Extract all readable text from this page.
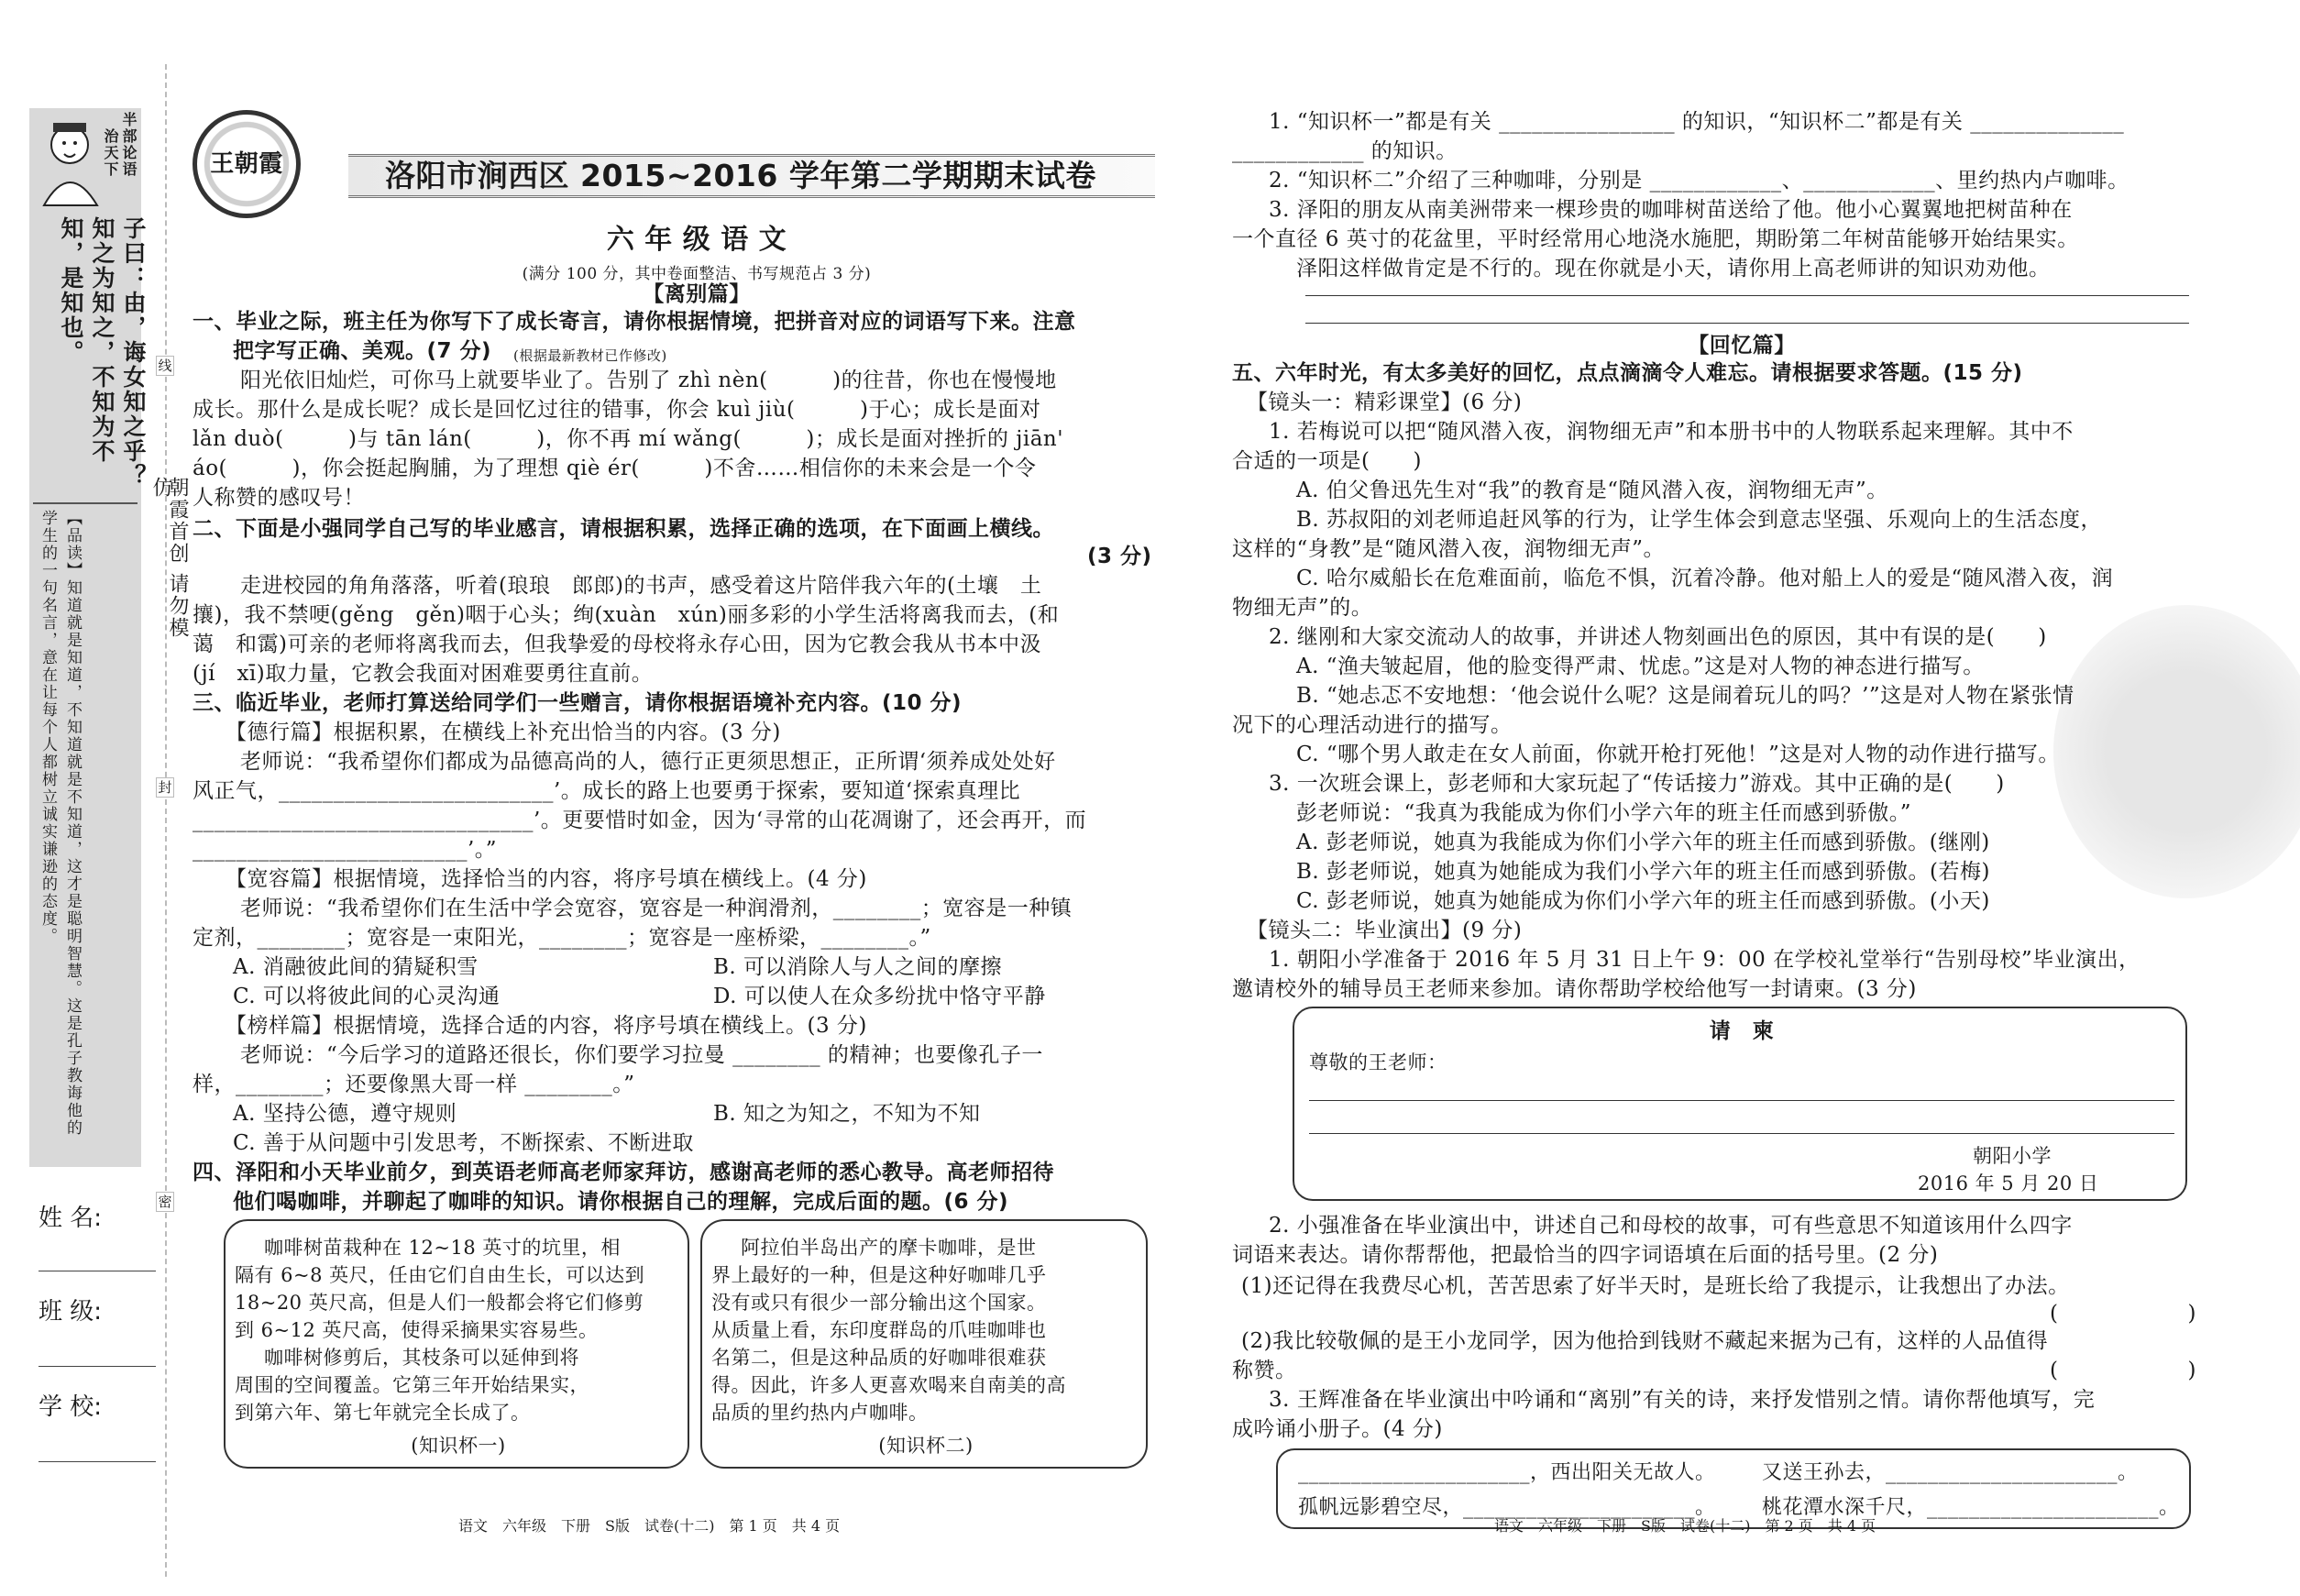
半部论语
治天下
子曰：由，诲女知之乎？知之为知之，不知为不知，是知也。
【品读】知道就是知道，不知道就是不知道，这才是聪明智慧。这是孔子教诲他的学生的一句名言，意在让每个人都树立诚实谦逊的态度。	朝霞首创 请勿模仿
线
封
密
姓 名:
班 级:
学 校:
王朝霞	洛阳市涧西区 2015~2016 学年第二学期期末试卷
六 年 级 语 文
(满分 100 分，其中卷面整洁、书写规范占 3 分)
【离别篇】
一、毕业之际，班主任为你写下了成长寄言，请你根据情境，把拼音对应的词语写下来。注意
把字写正确、美观。(7 分) (根据最新教材已作修改)
阳光依旧灿烂，可你马上就要毕业了。告别了 zhì nèn(　　　)的往昔，你也在慢慢地
成长。那什么是成长呢？成长是回忆过往的错事，你会 kuì jiù(　　　)于心；成长是面对
lǎn duò(　　　)与 tān lán(　　　)，你不再 mí wǎng(　　　)；成长是面对挫折的 jiān'
áo(　　　)，你会挺起胸脯，为了理想 qiè ér(　　　)不舍……相信你的未来会是一个令
人称赞的感叹号！
二、下面是小强同学自己写的毕业感言，请根据积累，选择正确的选项，在下面画上横线。
(3 分)
走进校园的角角落落，听着(琅琅　郎郎)的书声，感受着这片陪伴我六年的(土壤　土
攘)，我不禁哽(gěng　gěn)咽于心头；绚(xuàn　xún)丽多彩的小学生活将离我而去，(和
蔼　和霭)可亲的老师将离我而去，但我挚爱的母校将永存心田，因为它教会我从书本中汲
(jí　xī)取力量，它教会我面对困难要勇往直前。
三、临近毕业，老师打算送给同学们一些赠言，请你根据语境补充内容。(10 分)
【德行篇】根据积累，在横线上补充出恰当的内容。(3 分)
老师说：“我希望你们都成为品德高尚的人，德行正更须思想正，正所谓‘须养成处处好
风正气，_________________________’。成长的路上也要勇于探索，要知道‘探索真理比
_______________________________’。更要惜时如金，因为‘寻常的山花凋谢了，还会再开，而
_________________________’。”
【宽容篇】根据情境，选择恰当的内容，将序号填在横线上。(4 分)
老师说：“我希望你们在生活中学会宽容，宽容是一种润滑剂，________；宽容是一种镇
定剂，________；宽容是一束阳光，________；宽容是一座桥梁，________。”
A. 消融彼此间的猜疑积雪	B. 可以消除人与人之间的摩擦
C. 可以将彼此间的心灵沟通	D. 可以使人在众多纷扰中恪守平静
【榜样篇】根据情境，选择合适的内容，将序号填在横线上。(3 分)
老师说：“今后学习的道路还很长，你们要学习拉曼 ________ 的精神；也要像孔子一
样，________；还要像黑大哥一样 ________。”
A. 坚持公德，遵守规则	B. 知之为知之，不知为不知
C. 善于从问题中引发思考，不断探索、不断进取
四、泽阳和小天毕业前夕，到英语老师高老师家拜访，感谢高老师的悉心教导。高老师招待
他们喝咖啡，并聊起了咖啡的知识。请你根据自己的理解，完成后面的题。(6 分)
咖啡树苗栽种在 12~18 英寸的坑里，相
隔有 6~8 英尺，任由它们自由生长，可以达到
18~20 英尺高，但是人们一般都会将它们修剪
到 6~12 英尺高，使得采摘果实容易些。
咖啡树修剪后，其枝条可以延伸到将
周围的空间覆盖。它第三年开始结果实，
到第六年、第七年就完全长成了。
(知识杯一)
阿拉伯半岛出产的摩卡咖啡，是世
界上最好的一种，但是这种好咖啡几乎
没有或只有很少一部分输出这个国家。
从质量上看，东印度群岛的爪哇咖啡也
名第二，但是这种品质的好咖啡很难获
得。因此，许多人更喜欢喝来自南美的高
品质的里约热内卢咖啡。
(知识杯二)
语文　六年级　下册　S版　试卷(十二)　第 1 页　共 4 页
1. “知识杯一”都是有关 ________________ 的知识，“知识杯二”都是有关 ______________
____________ 的知识。
2. “知识杯二”介绍了三种咖啡，分别是 ____________、____________、里约热内卢咖啡。
3. 泽阳的朋友从南美洲带来一棵珍贵的咖啡树苗送给了他。他小心翼翼地把树苗种在
一个直径 6 英寸的花盆里，平时经常用心地浇水施肥，期盼第二年树苗能够开始结果实。
泽阳这样做肯定是不行的。现在你就是小天，请你用上高老师讲的知识劝劝他。
【回忆篇】
五、六年时光，有太多美好的回忆，点点滴滴令人难忘。请根据要求答题。(15 分)
【镜头一：精彩课堂】(6 分)
1. 若梅说可以把“随风潜入夜，润物细无声”和本册书中的人物联系起来理解。其中不
合适的一项是(　　)
A. 伯父鲁迅先生对“我”的教育是“随风潜入夜，润物细无声”。
B. 苏叔阳的刘老师追赶风筝的行为，让学生体会到意志坚强、乐观向上的生活态度，
这样的“身教”是“随风潜入夜，润物细无声”。
C. 哈尔威船长在危难面前，临危不惧，沉着冷静。他对船上人的爱是“随风潜入夜，润
物细无声”的。
2. 继刚和大家交流动人的故事，并讲述人物刻画出色的原因，其中有误的是(　　)
A. “渔夫皱起眉，他的脸变得严肃、忧虑。”这是对人物的神态进行描写。
B. “她忐忑不安地想：‘他会说什么呢？这是闹着玩儿的吗？’”这是对人物在紧张情
况下的心理活动进行的描写。
C. “哪个男人敢走在女人前面，你就开枪打死他！”这是对人物的动作进行描写。
3. 一次班会课上，彭老师和大家玩起了“传话接力”游戏。其中正确的是(　　)
彭老师说：“我真为我能成为你们小学六年的班主任而感到骄傲。”
A. 彭老师说，她真为我能成为你们小学六年的班主任而感到骄傲。(继刚)
B. 彭老师说，她真为她能成为我们小学六年的班主任而感到骄傲。(若梅)
C. 彭老师说，她真为她能成为你们小学六年的班主任而感到骄傲。(小天)
【镜头二：毕业演出】(9 分)
1. 朝阳小学准备于 2016 年 5 月 31 日上午 9：00 在学校礼堂举行“告别母校”毕业演出，
邀请校外的辅导员王老师来参加。请你帮助学校给他写一封请柬。(3 分)
请　柬
尊敬的王老师：
朝阳小学
2016 年 5 月 20 日
2. 小强准备在毕业演出中，讲述自己和母校的故事，可有些意思不知道该用什么四字
词语来表达。请你帮帮他，把最恰当的四字词语填在后面的括号里。(2 分)
(1)还记得在我费尽心机，苦苦思索了好半天时，是班长给了我提示，让我想出了办法。
(　　　　　　)
(2)我比较敬佩的是王小龙同学，因为他拾到钱财不藏起来据为己有，这样的人品值得
称赞。	(　　　　　　)
3. 王辉准备在毕业演出中吟诵和“离别”有关的诗，来抒发惜别之情。请你帮他填写，完
成吟诵小册子。(4 分)
______________________，西出阳关无故人。 又送王孙去，______________________。
孤帆远影碧空尽，______________________。 桃花潭水深千尺，______________________。
语文　六年级　下册　S版　试卷(十二)　第 2 页　共 4 页
